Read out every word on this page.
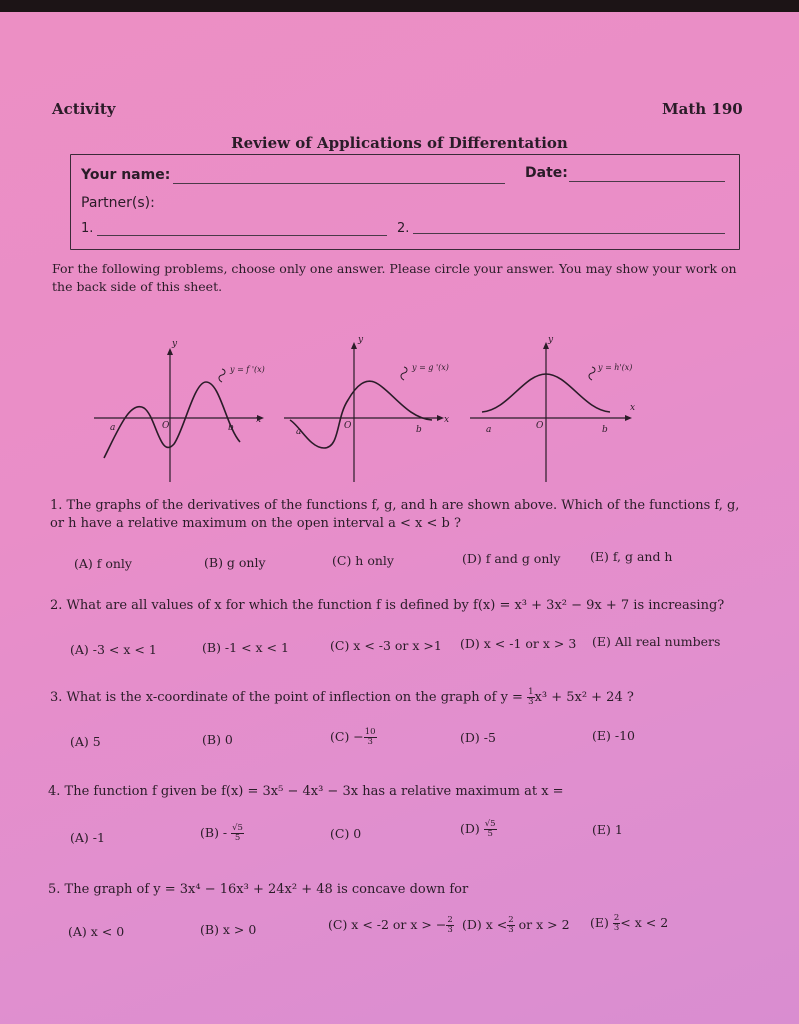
Activity	Math 190
Review of Applications of Differentation
Your name:	Date:
Partner(s):
1.	2.
For the following problems, choose only one answer. Please circle your answer. You may show your work on the back side of this sheet.
a	O	b
x
y
y = f '(x)
a
O	b
x
y
y = g '(x)
a	O	b
x
y
y = h'(x)
1. The graphs of the derivatives of the functions f, g, and h are shown above. Which of the functions f, g,
or h have a relative maximum on the open interval a < x < b ?
(A) f only	(B) g only	(C) h only	(D) f and g only (E) f, g and h
2. What are all values of x for which the function f is defined by f(x) = x³ + 3x² − 9x + 7 is increasing?
(A) -3 < x < 1	(B) -1 < x < 1	(C) x < -3 or x >1 (D) x < -1 or x > 3 (E) All real numbers
3. What is the x-coordinate of the point of inflection on the graph of $y = \frac{1}{3} x^3 + 5x^2 + 24$ ?
(A) 5	(B) 0	$(C) - \frac{10}{3}$	(D) -5	(E) -10
4. The function f given be f(x) = 3x⁵ − 4x³ − 3x has a relative maximum at x =
(A) -1	$(B) - \frac{√5}{5}$	(C) 0	$(D) \frac{√5}{5}$	(E) 1
5. The graph of y = 3x⁴ − 16x³ + 24x² + 48 is concave down for
(A) x < 0	(B) x > 0	(C) x < -2 or x > − $\frac{2}{3} (D) x < \frac{2}{3}$ or x > 2 $(E) \frac{2}{3} < x < 2$
